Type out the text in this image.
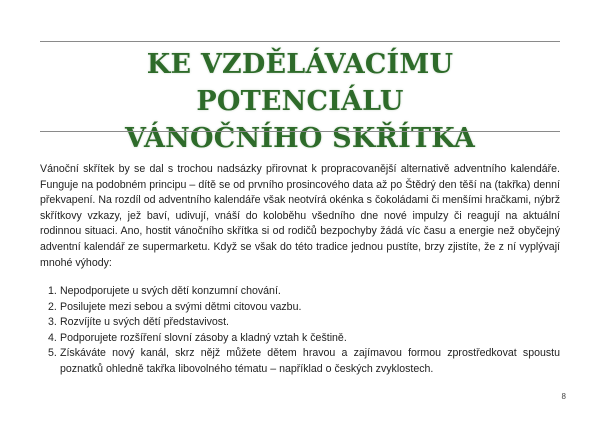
KE VZDĚLÁVACÍMU POTENCIÁLU
VÁNOČNÍHO SKŘÍTKA

Vánoční skřítek by se dal s trochou nadsázky přirovnat k propracovanější alternativě adventního kalendáře. Funguje na podobném principu – dítě se od prvního prosincového data až po Štědrý den těší na (takřka) denní překvapení. Na rozdíl od adventního kalendáře však neotvírá okénka s čokoládami či menšími hračkami, nýbrž skřítkovy vzkazy, jež baví, udivují, vnáší do koloběhu všedního dne nové impulzy či reagují na aktuální rodinnou situaci. Ano, hostit vánočního skřítka si od rodičů bezpochyby žádá víc času a energie než obyčejný adventní kalendář ze supermarketu. Když se však do této tradice jednou pustíte, brzy zjistíte, že z ní vyplývají mnohé výhody:

1. Nepodporujete u svých dětí konzumní chování.
2. Posilujete mezi sebou a svými dětmi citovou vazbu.
3. Rozvíjíte u svých dětí představivost.
4. Podporujete rozšíření slovní zásoby a kladný vztah k češtině.
5. Získáváte nový kanál, skrz nějž můžete dětem hravou a zajímavou formou zprostředkovat spoustu poznatků ohledně takřka libovolného tématu – například o českých zvyklostech.
8
